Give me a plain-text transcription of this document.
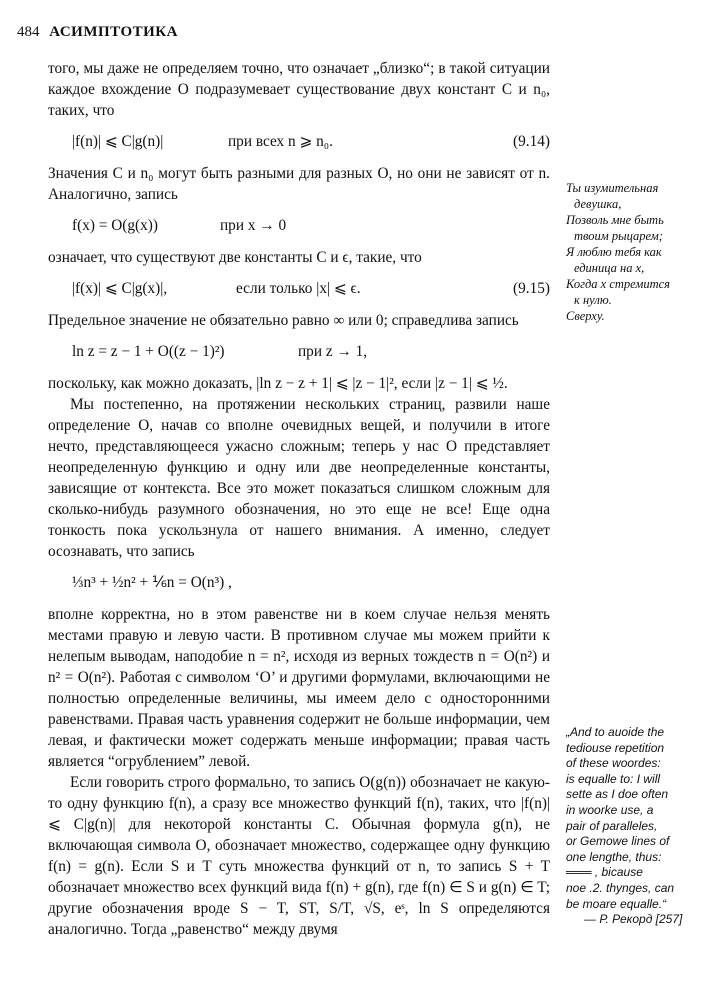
484 АСИМПТОТИКА

того, мы даже не определяем точно, что означает „близко“; в такой ситуации каждое вхождение O подразумевает существование двух констант C и n₀, таких, что

|f(n)| ⩽ C|g(n)|	при всех n ⩾ n₀.	(9.14)

Значения C и n₀ могут быть разными для разных O, но они не зависят от n. Аналогично, запись

f(x) = O(g(x))	при x → 0

означает, что существуют две константы C и ϵ, такие, что

|f(x)| ⩽ C|g(x)|,	если только |x| ⩽ ϵ.	(9.15)

Предельное значение не обязательно равно ∞ или 0; справедлива запись

ln z = z − 1 + O((z − 1)²)	при z → 1,

поскольку, как можно доказать, |ln z − z + 1| ⩽ |z − 1|², если |z − 1| ⩽ ½.

Мы постепенно, на протяжении нескольких страниц, развили наше определение O, начав со вполне очевидных вещей, и получили в итоге нечто, представляющееся ужасно сложным; теперь у нас O представляет неопределенную функцию и одну или две неопределенные константы, зависящие от контекста. Все это может показаться слишком сложным для сколько-нибудь разумного обозначения, но это еще не все! Еще одна тонкость пока ускользнула от нашего внимания. А именно, следует осознавать, что запись

⅓n³ + ½n² + ⅙n = O(n³) ,

вполне корректна, но в этом равенстве ни в коем случае нельзя менять местами правую и левую части. В противном случае мы можем прийти к нелепым выводам, наподобие n = n², исходя из верных тождеств n = O(n²) и n² = O(n²). Работая с символом ‘O’ и другими формулами, включающими не полностью определенные величины, мы имеем дело с односторонними равенствами. Правая часть уравнения содержит не больше информации, чем левая, и фактически может содержать меньше информации; правая часть является “огрублением” левой.

Если говорить строго формально, то запись O(g(n)) обозначает не какую-то одну функцию f(n), а сразу все множество функций f(n), таких, что |f(n)| ⩽ C|g(n)| для некоторой константы C. Обычная формула g(n), не включающая символа O, обозначает множество, содержащее одну функцию f(n) = g(n). Если S и T суть множества функций от n, то запись S + T обозначает множество всех функций вида f(n) + g(n), где f(n) ∈ S и g(n) ∈ T; другие обозначения вроде S − T, ST, S/T, √S, eˢ, ln S определяются аналогично. Тогда „равенство“ между двумя

Ты изумительная
девушка,
Позволь мне быть
твоим рыцарем;
Я люблю тебя как
единица на x,
Когда x стремится
к нулю.
Сверху.
„And to auoide the
tediouse repetition
of these woordes:
is equalle to: I will
sette as I doe often
in woorke use, a
pair of paralleles,
or Gemowe lines of
one lengthe, thus:
═══ , bicause
noe .2. thynges, can
be moare equalle.“
— Р. Рекорд [257]
